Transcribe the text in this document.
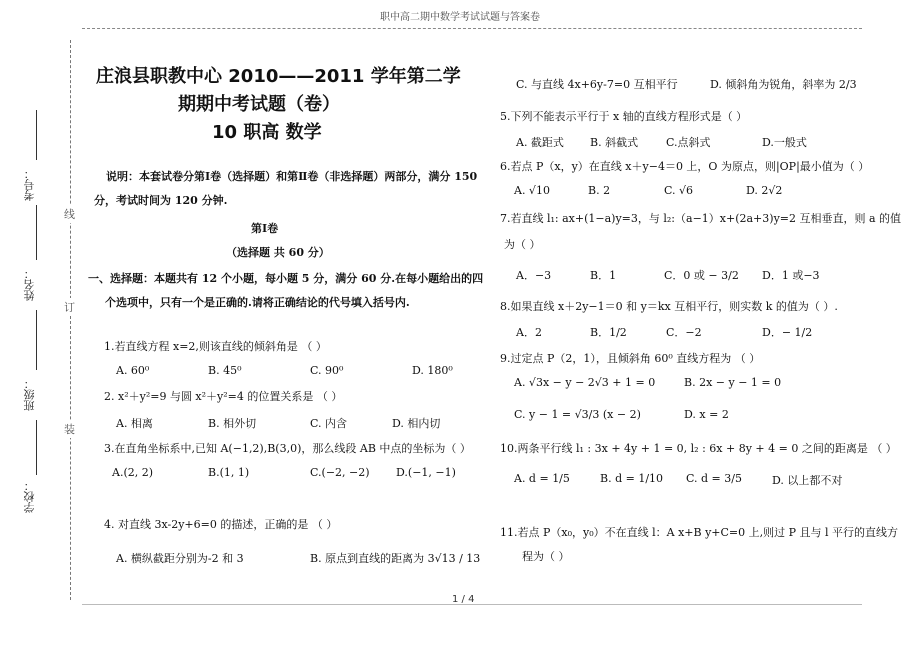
职中高二期中数学考试试题与答案卷
线
订
装
考号：
姓名：
班级：
学校：
庄浪县职教中心 2010——2011 学年第二学
期期中考试题（卷）
10 职高 数学
说明：本套试卷分第Ⅰ卷（选择题）和第Ⅱ卷（非选择题）两部分，满分 150
分，考试时间为 120 分钟.
第Ⅰ卷
（选择题 共 60 分）
一、选择题：本题共有 12 个小题，每小题 5 分，满分 60 分.在每小题给出的四
个选项中，只有一个是正确的.请将正确结论的代号填入括号内.
1.若直线方程 x=2,则该直线的倾斜角是 （ ）
A. 60⁰	B. 45⁰	C. 90⁰	D. 180⁰
2. x²＋y²=9 与圆 x²＋y²=4 的位置关系是 （ ）
A. 相离	B. 相外切	C. 内含	D. 相内切
3.在直角坐标系中,已知 A(−1,2),B(3,0)，那么线段 AB 中点的坐标为（ ）
A.(2, 2)	B.(1, 1)	C.(−2, −2) D.(−1, −1)
4. 对直线 3x-2y+6=0 的描述，正确的是 （ ）
A. 横纵截距分别为-2 和 3	B. 原点到直线的距离为 3√13 / 13
C. 与直线 4x+6y-7=0 互相平行	D. 倾斜角为锐角，斜率为 2/3
5.下列不能表示平行于 x 轴的直线方程形式是（ ）
A. 截距式 B. 斜截式	C.点斜式	D.一般式
6.若点 P（x，y）在直线 x＋y−4＝0 上，O 为原点，则|OP|最小值为（ ）
A. √10	B. 2	C. √6	D. 2√2
7.若直线 l₁: ax+(1−a)y=3，与 l₂:（a−1）x+(2a+3)y=2 互相垂直，则 a 的值
为（ ）
A．−3	B．1	C．0 或 − 3/2 D．1 或−3
8.如果直线 x＋2y−1＝0 和 y＝kx 互相平行，则实数 k 的值为（ ）.
A．2	B．1/2	C．−2	D．− 1/2
9.过定点 P（2，1），且倾斜角 60⁰ 直线方程为 （ ）
A. √3x − y − 2√3 + 1 = 0	B. 2x − y − 1 = 0
C. y − 1 = √3/3 (x − 2)	D. x = 2
10.两条平行线 l₁ : 3x + 4y + 1 = 0, l₂ : 6x + 8y + 4 = 0 之间的距离是 （ ）
A. d = 1/5	B. d = 1/10 C. d = 3/5	D. 以上都不对
11.若点 P（x₀，y₀）不在直线 l：A x+B y+C=0 上,则过 P 且与 l 平行的直线方
程为（ ）
1 / 4
